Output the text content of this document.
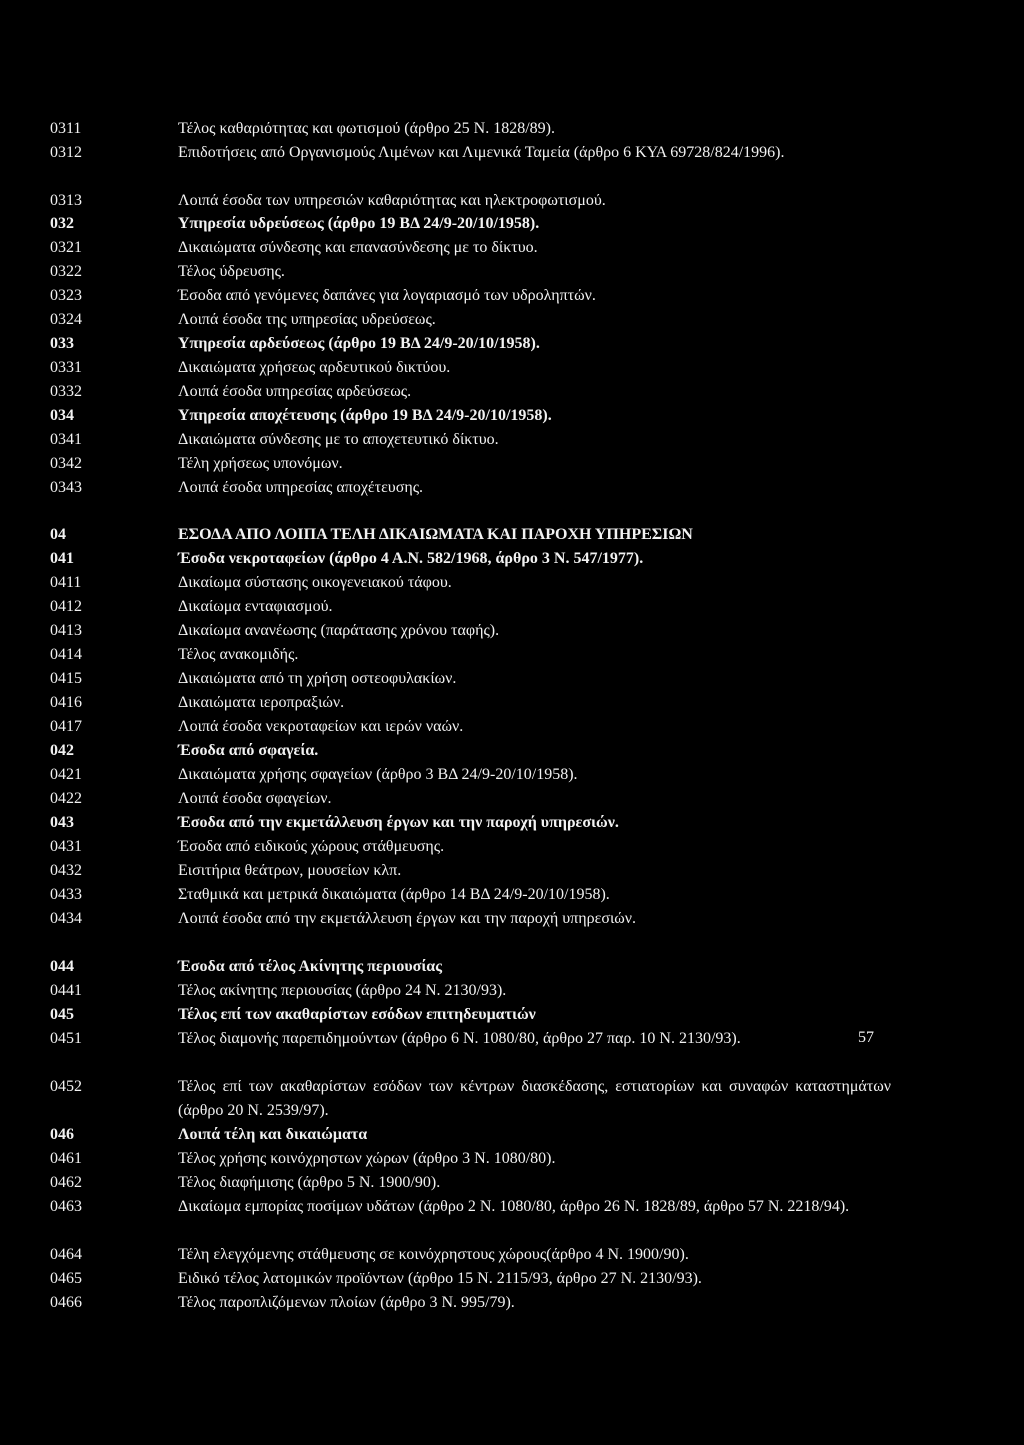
0311	Τέλος καθαριότητας και φωτισμού (άρθρο 25 Ν. 1828/89).
0312	Επιδοτήσεις από Οργανισμούς Λιμένων και Λιμενικά Ταμεία (άρθρο 6 ΚΥΑ 69728/824/1996).
0313	Λοιπά έσοδα των υπηρεσιών καθαριότητας και ηλεκτροφωτισμού.
032	Υπηρεσία υδρεύσεως (άρθρο 19 ΒΔ 24/9-20/10/1958).
0321	Δικαιώματα σύνδεσης και επανασύνδεσης με το δίκτυο.
0322	Τέλος ύδρευσης.
0323	Έσοδα από γενόμενες δαπάνες για λογαριασμό των υδροληπτών.
0324	Λοιπά έσοδα της υπηρεσίας υδρεύσεως.
033	Υπηρεσία αρδεύσεως (άρθρο 19 ΒΔ 24/9-20/10/1958).
0331	Δικαιώματα χρήσεως αρδευτικού δικτύου.
0332	Λοιπά έσοδα υπηρεσίας αρδεύσεως.
034	Υπηρεσία αποχέτευσης (άρθρο 19 ΒΔ 24/9-20/10/1958).
0341	Δικαιώματα σύνδεσης με το αποχετευτικό δίκτυο.
0342	Τέλη χρήσεως υπονόμων.
0343	Λοιπά έσοδα υπηρεσίας αποχέτευσης.
04	ΕΣΟΔΑ ΑΠΟ ΛΟΙΠΑ ΤΕΛΗ ΔΙΚΑΙΩΜΑΤΑ ΚΑΙ ΠΑΡΟΧΗ ΥΠΗΡΕΣΙΩΝ
041	Έσοδα νεκροταφείων (άρθρο 4 Α.Ν. 582/1968, άρθρο 3 Ν. 547/1977).
0411	Δικαίωμα σύστασης οικογενειακού τάφου.
0412	Δικαίωμα ενταφιασμού.
0413	Δικαίωμα ανανέωσης (παράτασης χρόνου ταφής).
0414	Τέλος ανακομιδής.
0415	Δικαιώματα από τη χρήση οστεοφυλακίων.
0416	Δικαιώματα ιεροπραξιών.
0417	Λοιπά έσοδα νεκροταφείων και ιερών ναών.
042	Έσοδα από σφαγεία.
0421	Δικαιώματα χρήσης σφαγείων (άρθρο 3 ΒΔ 24/9-20/10/1958).
0422	Λοιπά έσοδα σφαγείων.
043	Έσοδα από την εκμετάλλευση έργων και την παροχή υπηρεσιών.
0431	Έσοδα από ειδικούς χώρους στάθμευσης.
0432	Εισιτήρια θεάτρων, μουσείων κλπ.
0433	Σταθμικά και μετρικά δικαιώματα (άρθρο 14 ΒΔ 24/9-20/10/1958).
0434	Λοιπά έσοδα από την εκμετάλλευση έργων και την παροχή υπηρεσιών.
044	Έσοδα από τέλος Ακίνητης περιουσίας
0441	Τέλος ακίνητης περιουσίας (άρθρο 24 Ν. 2130/93).
045	Τέλος επί των ακαθαρίστων εσόδων επιτηδευματιών
0451	Τέλος διαμονής παρεπιδημούντων (άρθρο 6 Ν. 1080/80, άρθρο 27 παρ. 10 Ν. 2130/93).
0452	Τέλος επί των ακαθαρίστων εσόδων των κέντρων διασκέδασης, εστιατορίων και συναφών καταστημάτων (άρθρο 20 Ν. 2539/97).
046	Λοιπά τέλη και δικαιώματα
0461	Τέλος χρήσης κοινόχρηστων χώρων (άρθρο 3 Ν. 1080/80).
0462	Τέλος διαφήμισης (άρθρο 5 Ν. 1900/90).
0463	Δικαίωμα εμπορίας ποσίμων υδάτων (άρθρο 2 Ν. 1080/80, άρθρο 26 Ν. 1828/89, άρθρο 57 Ν. 2218/94).
0464	Τέλη ελεγχόμενης στάθμευσης σε κοινόχρηστους χώρους(άρθρο 4 Ν. 1900/90).
0465	Ειδικό τέλος λατομικών προϊόντων (άρθρο 15 Ν. 2115/93, άρθρο 27 Ν. 2130/93).
0466	Τέλος παροπλιζόμενων πλοίων (άρθρο 3 Ν. 995/79).
57
